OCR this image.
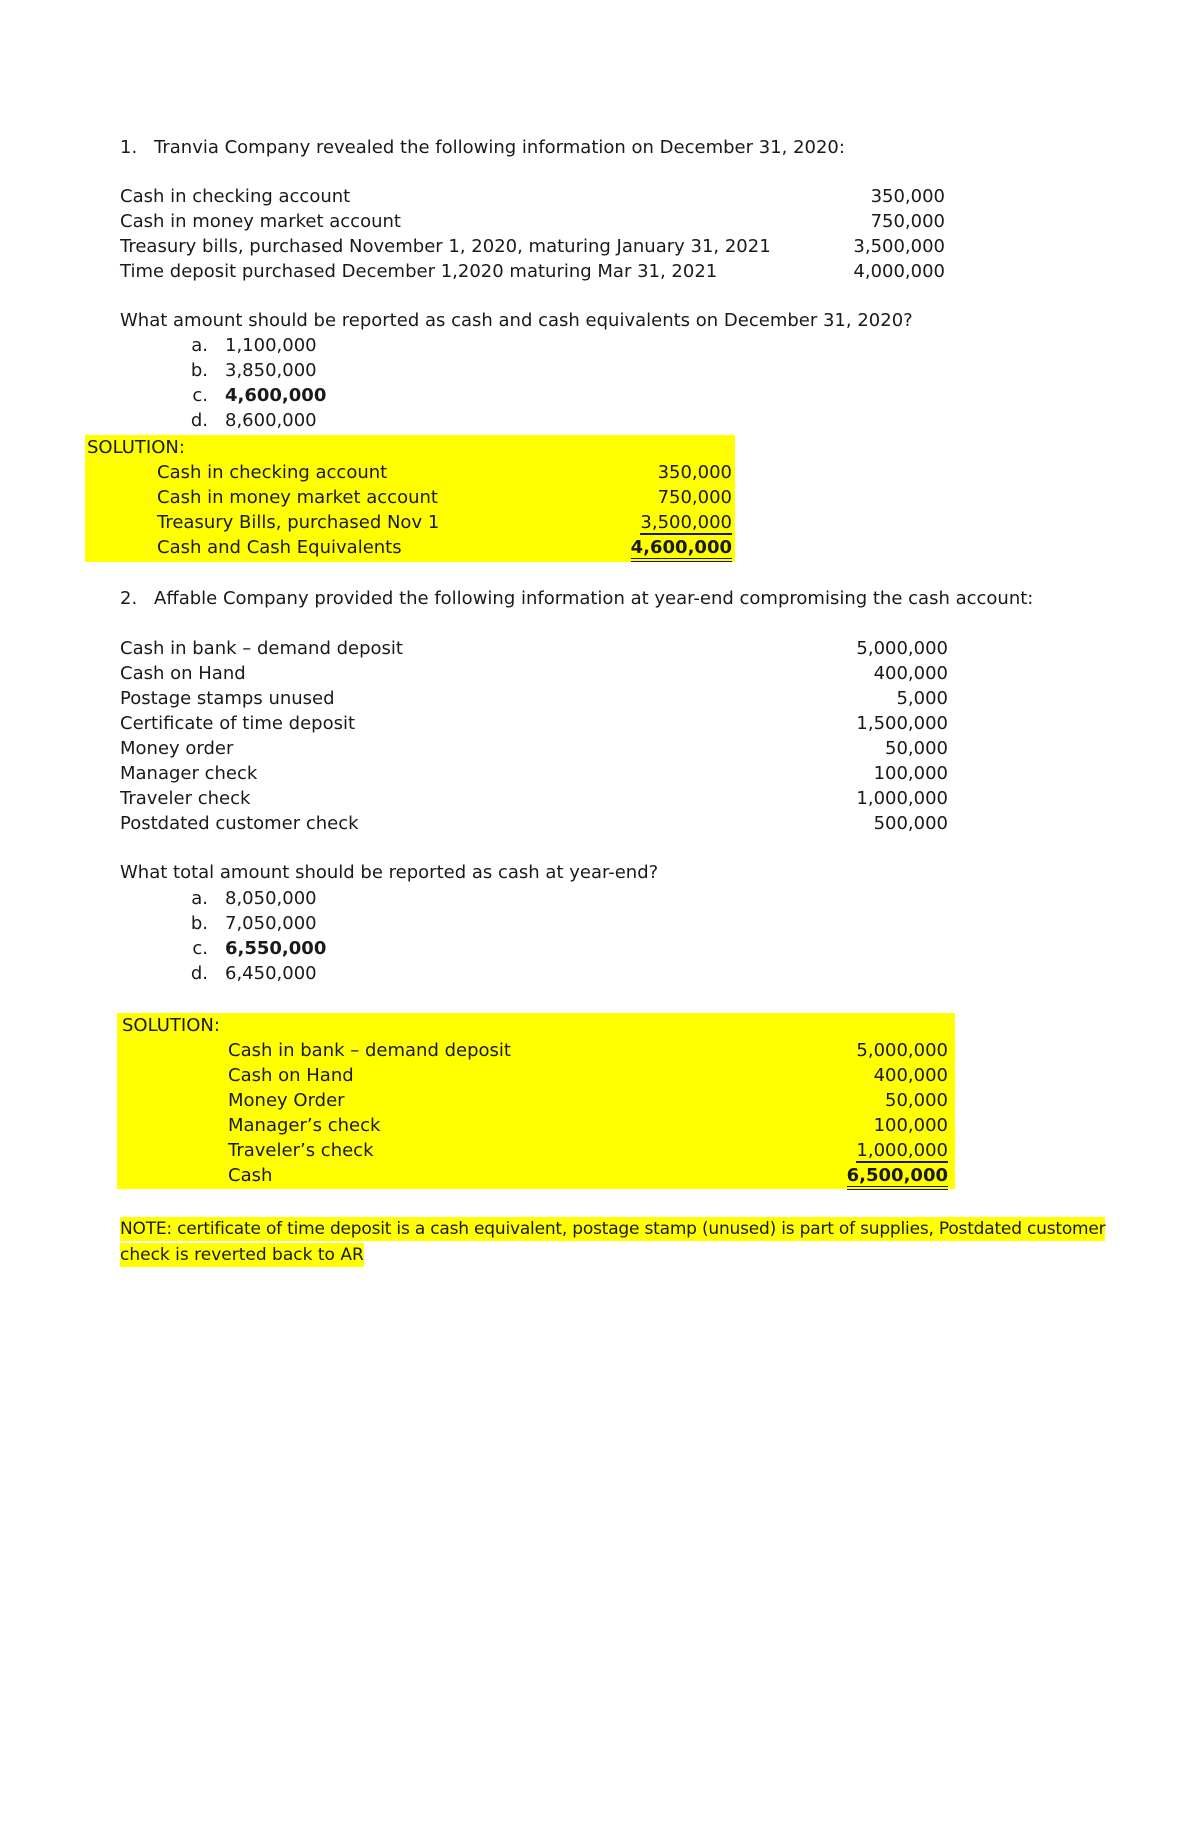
1. Tranvia Company revealed the following information on December 31, 2020:
Cash in checking account	350,000
Cash in money market account	750,000
Treasury bills, purchased November 1, 2020, maturing January 31, 2021	3,500,000
Time deposit purchased December 1,2020 maturing Mar 31, 2021	4,000,000
What amount should be reported as cash and cash equivalents on December 31, 2020?
a. 1,100,000
b. 3,850,000
c. 4,600,000
d. 8,600,000
SOLUTION:
Cash in checking account	350,000
Cash in money market account	750,000
Treasury Bills, purchased Nov 1	3,500,000
Cash and Cash Equivalents	4,600,000
2. Affable Company provided the following information at year-end compromising the cash account:
Cash in bank – demand deposit	5,000,000
Cash on Hand	400,000
Postage stamps unused	5,000
Certificate of time deposit	1,500,000
Money order	50,000
Manager check	100,000
Traveler check	1,000,000
Postdated customer check	500,000
What total amount should be reported as cash at year-end?
a. 8,050,000
b. 7,050,000
c. 6,550,000
d. 6,450,000
SOLUTION:
Cash in bank – demand deposit	5,000,000
Cash on Hand	400,000
Money Order	50,000
Manager’s check	100,000
Traveler’s check	1,000,000
Cash	6,500,000
NOTE: certificate of time deposit is a cash equivalent, postage stamp (unused) is part of supplies, Postdated customer
check is reverted back to AR
